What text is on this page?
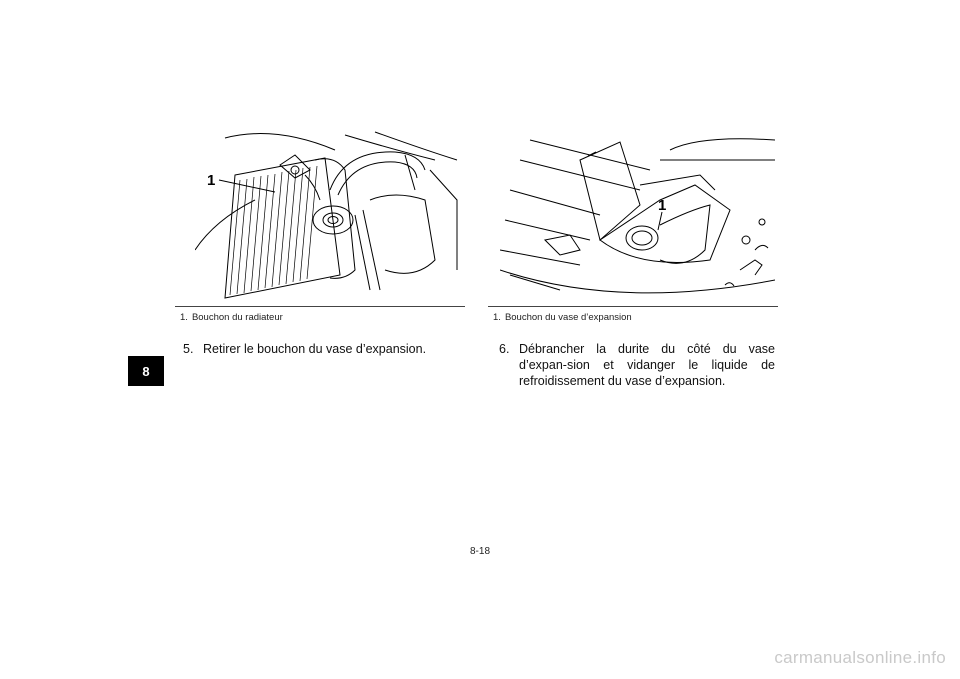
8
1
1. Bouchon du radiateur
1
1. Bouchon du vase d’expansion
5. Retirer le bouchon du vase d’expansion.	6. Débrancher la durite du côté du vase d’expan-sion et vidanger le liquide de refroidissement du vase d’expansion.
8-18
carmanualsonline.info
